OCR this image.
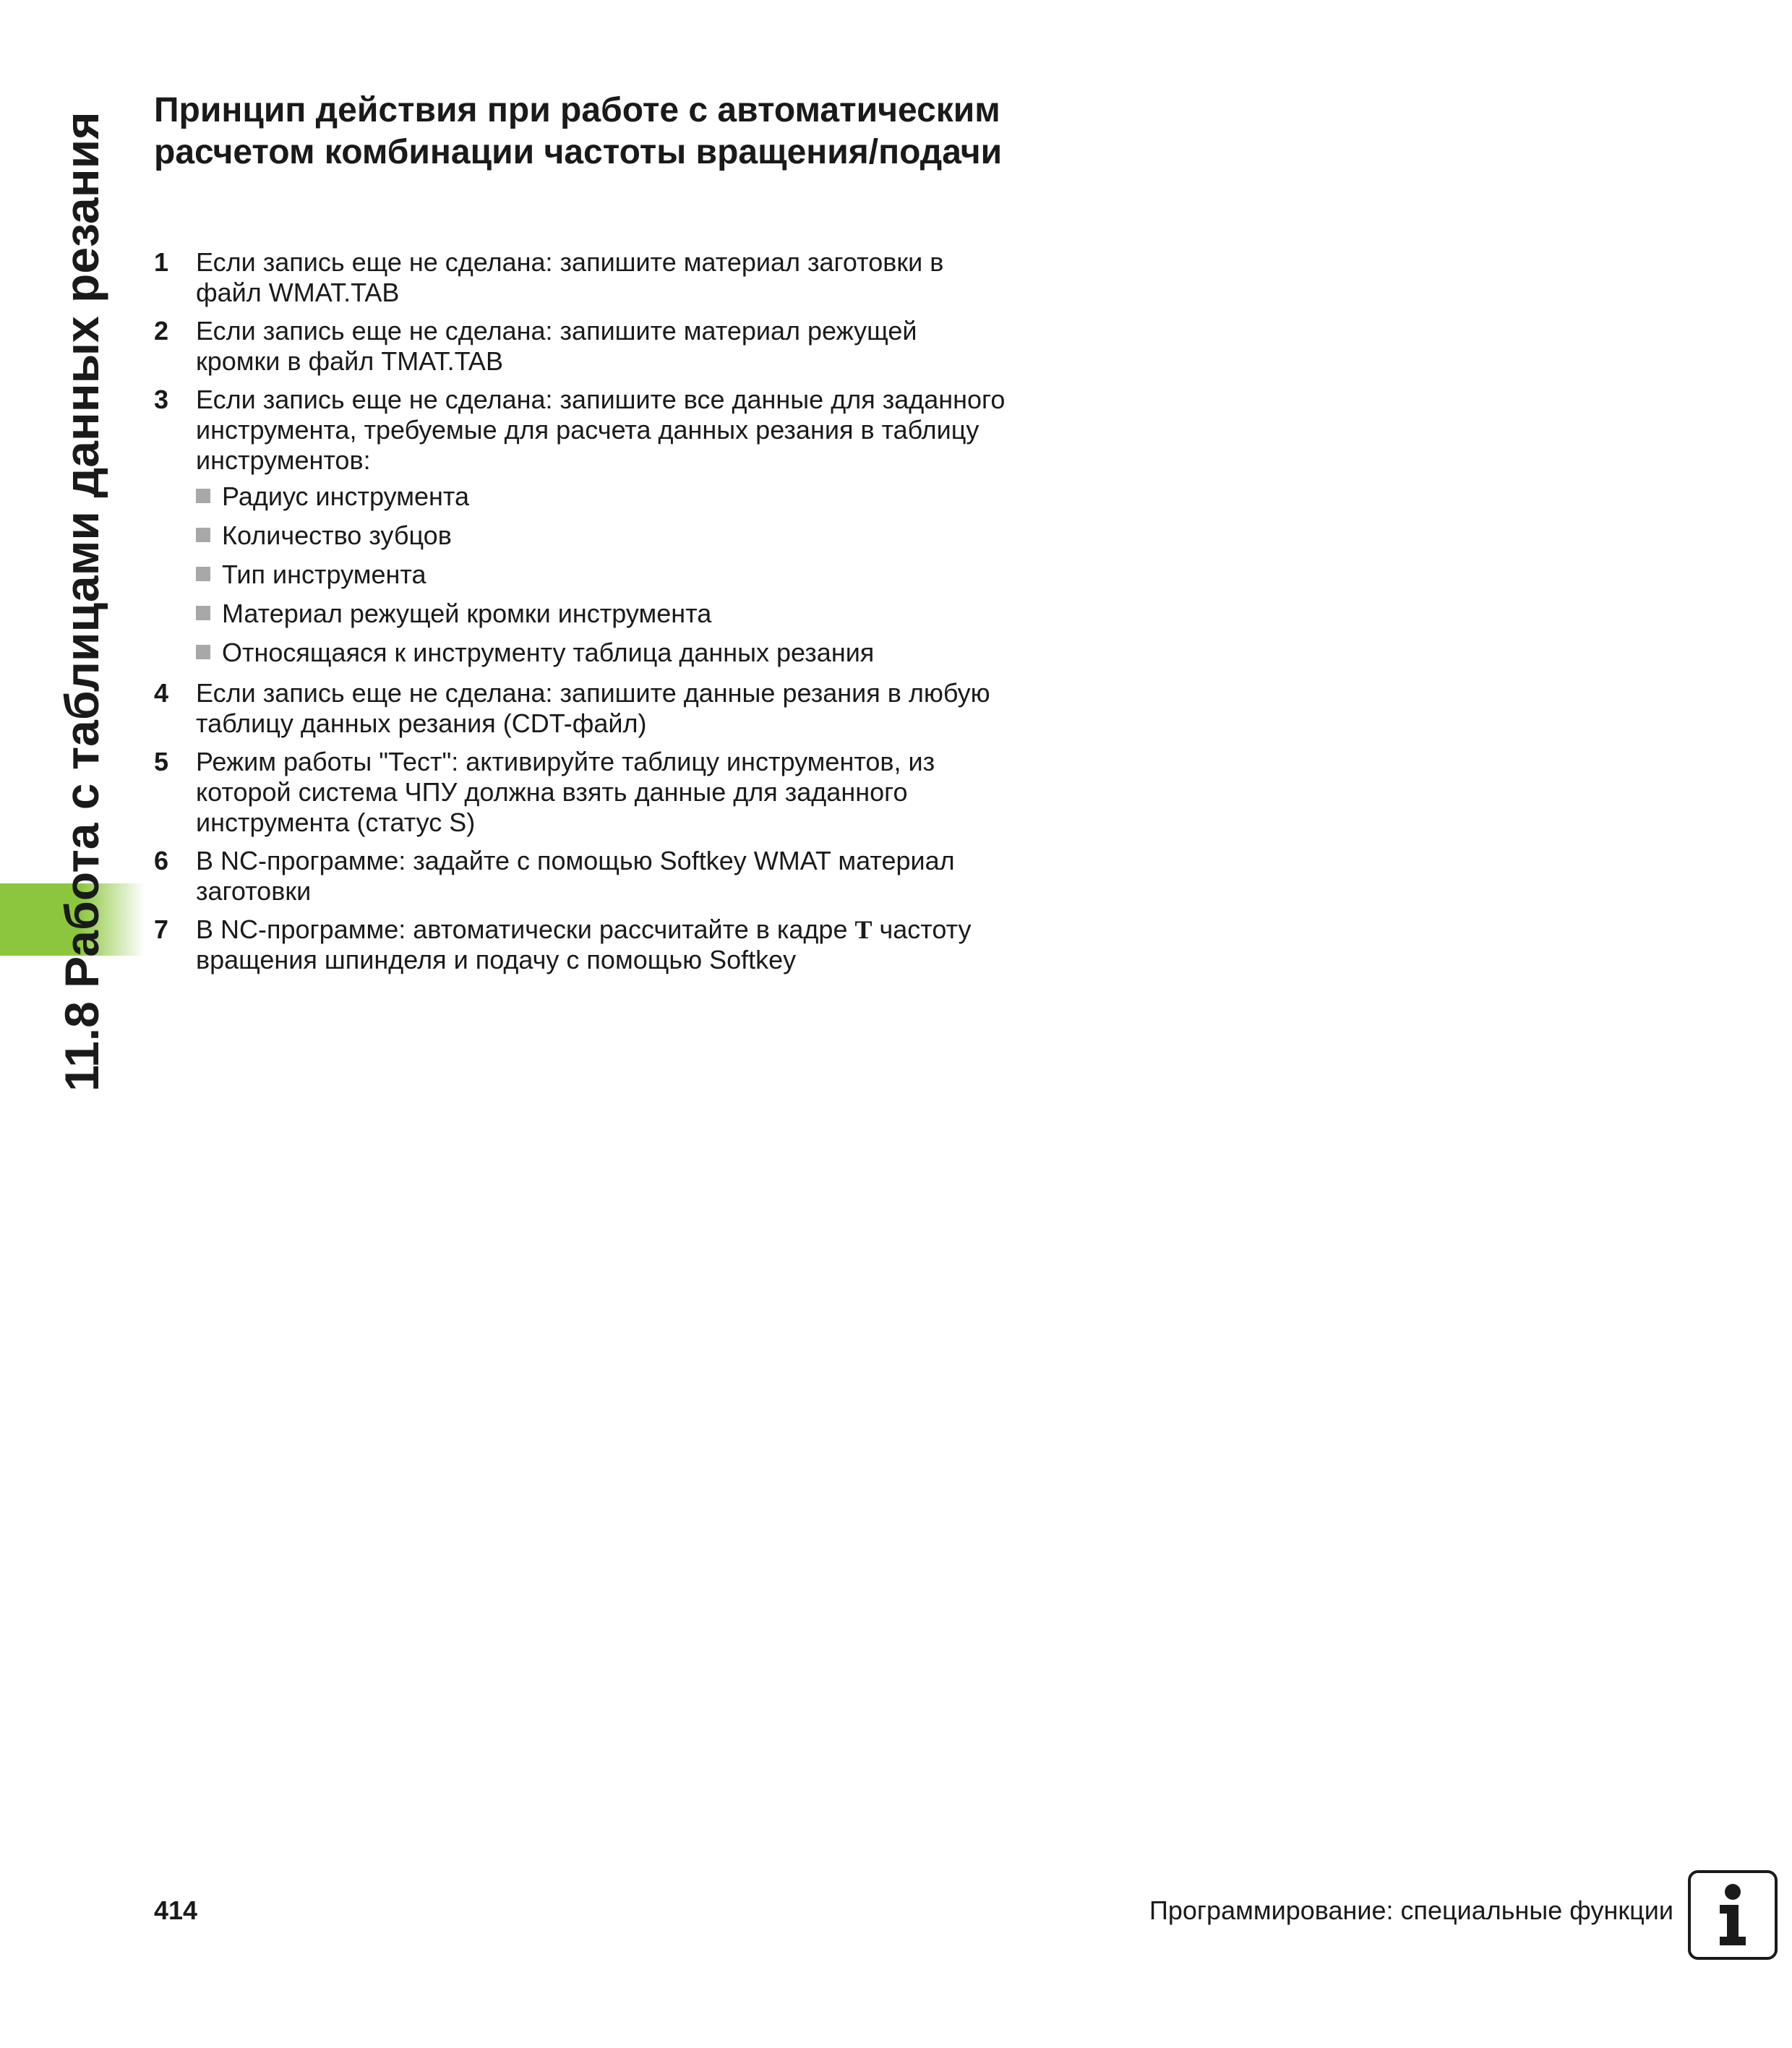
11.8 Работа с таблицами данных резания
Принцип действия при работе с автоматическим расчетом комбинации частоты вращения/подачи
1 Если запись еще не сделана: запишите материал заготовки в файл WMAT.TAB
2 Если запись еще не сделана: запишите материал режущей кромки в файл TMAT.TAB
3 Если запись еще не сделана: запишите все данные для заданного инструмента, требуемые для расчета данных резания в таблицу инструментов:
Радиус инструмента
Количество зубцов
Тип инструмента
Материал режущей кромки инструмента
Относящаяся к инструменту таблица данных резания
4 Если запись еще не сделана: запишите данные резания в любую таблицу данных резания (CDT-файл)
5 Режим работы "Тест": активируйте таблицу инструментов, из которой система ЧПУ должна взять данные для заданного инструмента (статус S)
6 В NC-программе: задайте с помощью Softkey WMAT материал заготовки
7 В NC-программе: автоматически рассчитайте в кадре T частоту вращения шпинделя и подачу с помощью Softkey
414	Программирование: специальные функции
